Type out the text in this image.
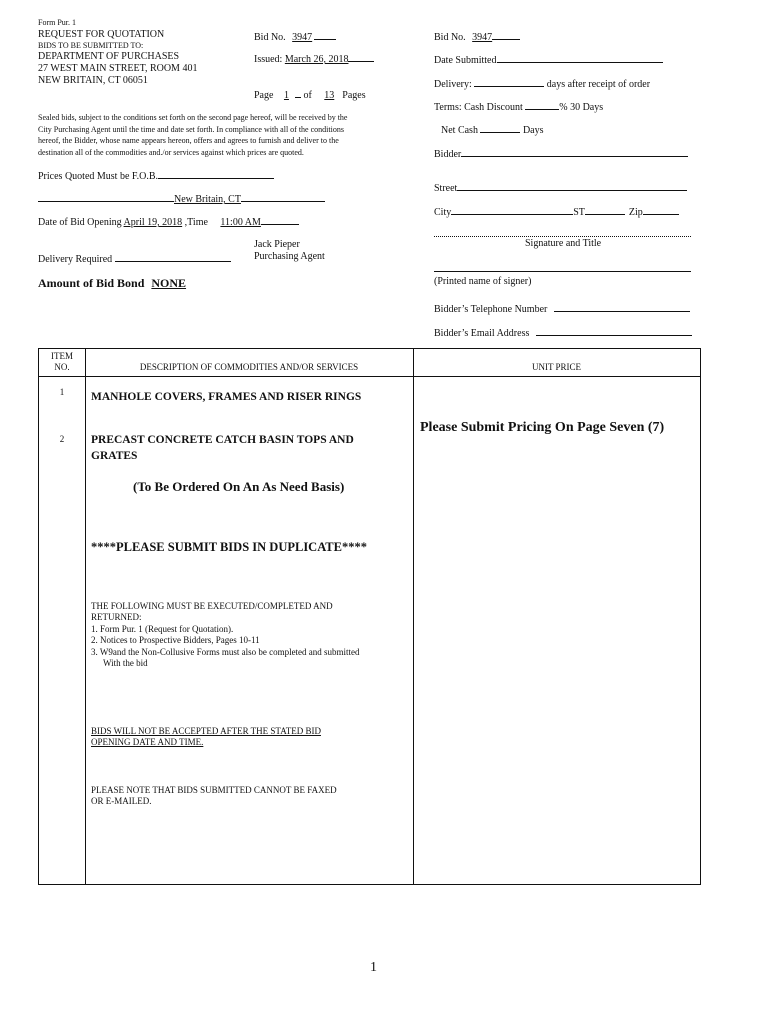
Form Pur. 1
REQUEST FOR QUOTATION
BIDS TO BE SUBMITTED TO:
DEPARTMENT OF PURCHASES
27 WEST MAIN STREET, ROOM 401
NEW BRITAIN, CT 06051
Bid No. 3947
Issued: March 26, 2018
Page 1 of 13 Pages
Sealed bids, subject to the conditions set forth on the second page hereof, will be received by the
City Purchasing Agent until the time and date set forth. In compliance with all of the conditions
hereof, the Bidder, whose name appears hereon, offers and agrees to furnish and deliver to the
destination all of the commodities and./or services against which prices are quoted.
Prices Quoted Must be F.O.B.
New Britain, CT
Date of Bid Opening April 19, 2018 ,Time 11:00 AM
Jack Pieper
Purchasing Agent
Delivery Required
Amount of Bid Bond NONE
Bid No. 3947
Date Submitted
Delivery:	days after receipt of order
Terms: Cash Discount	% 30 Days
Net Cash	Days
Bidder
Street
City	ST	Zip
Signature and Title
(Printed name of signer)
Bidder’s Telephone Number
Bidder’s Email Address
ITEM
NO.	DESCRIPTION OF COMMODITIES AND/OR SERVICES	UNIT PRICE
1	MANHOLE COVERS, FRAMES AND RISER RINGS
Please Submit Pricing On Page Seven (7)
2	PRECAST CONCRETE CATCH BASIN TOPS AND
GRATES
(To Be Ordered On An As Need Basis)
****PLEASE SUBMIT BIDS IN DUPLICATE****
THE FOLLOWING MUST BE EXECUTED/COMPLETED AND
RETURNED:
1. Form Pur. 1 (Request for Quotation).
2. Notices to Prospective Bidders, Pages 10-11
3. W9and the Non-Collusive Forms must also be completed and submitted
With the bid
BIDS WILL NOT BE ACCEPTED AFTER THE STATED BID
OPENING DATE AND TIME.
PLEASE NOTE THAT BIDS SUBMITTED CANNOT BE FAXED
OR E-MAILED.
1
